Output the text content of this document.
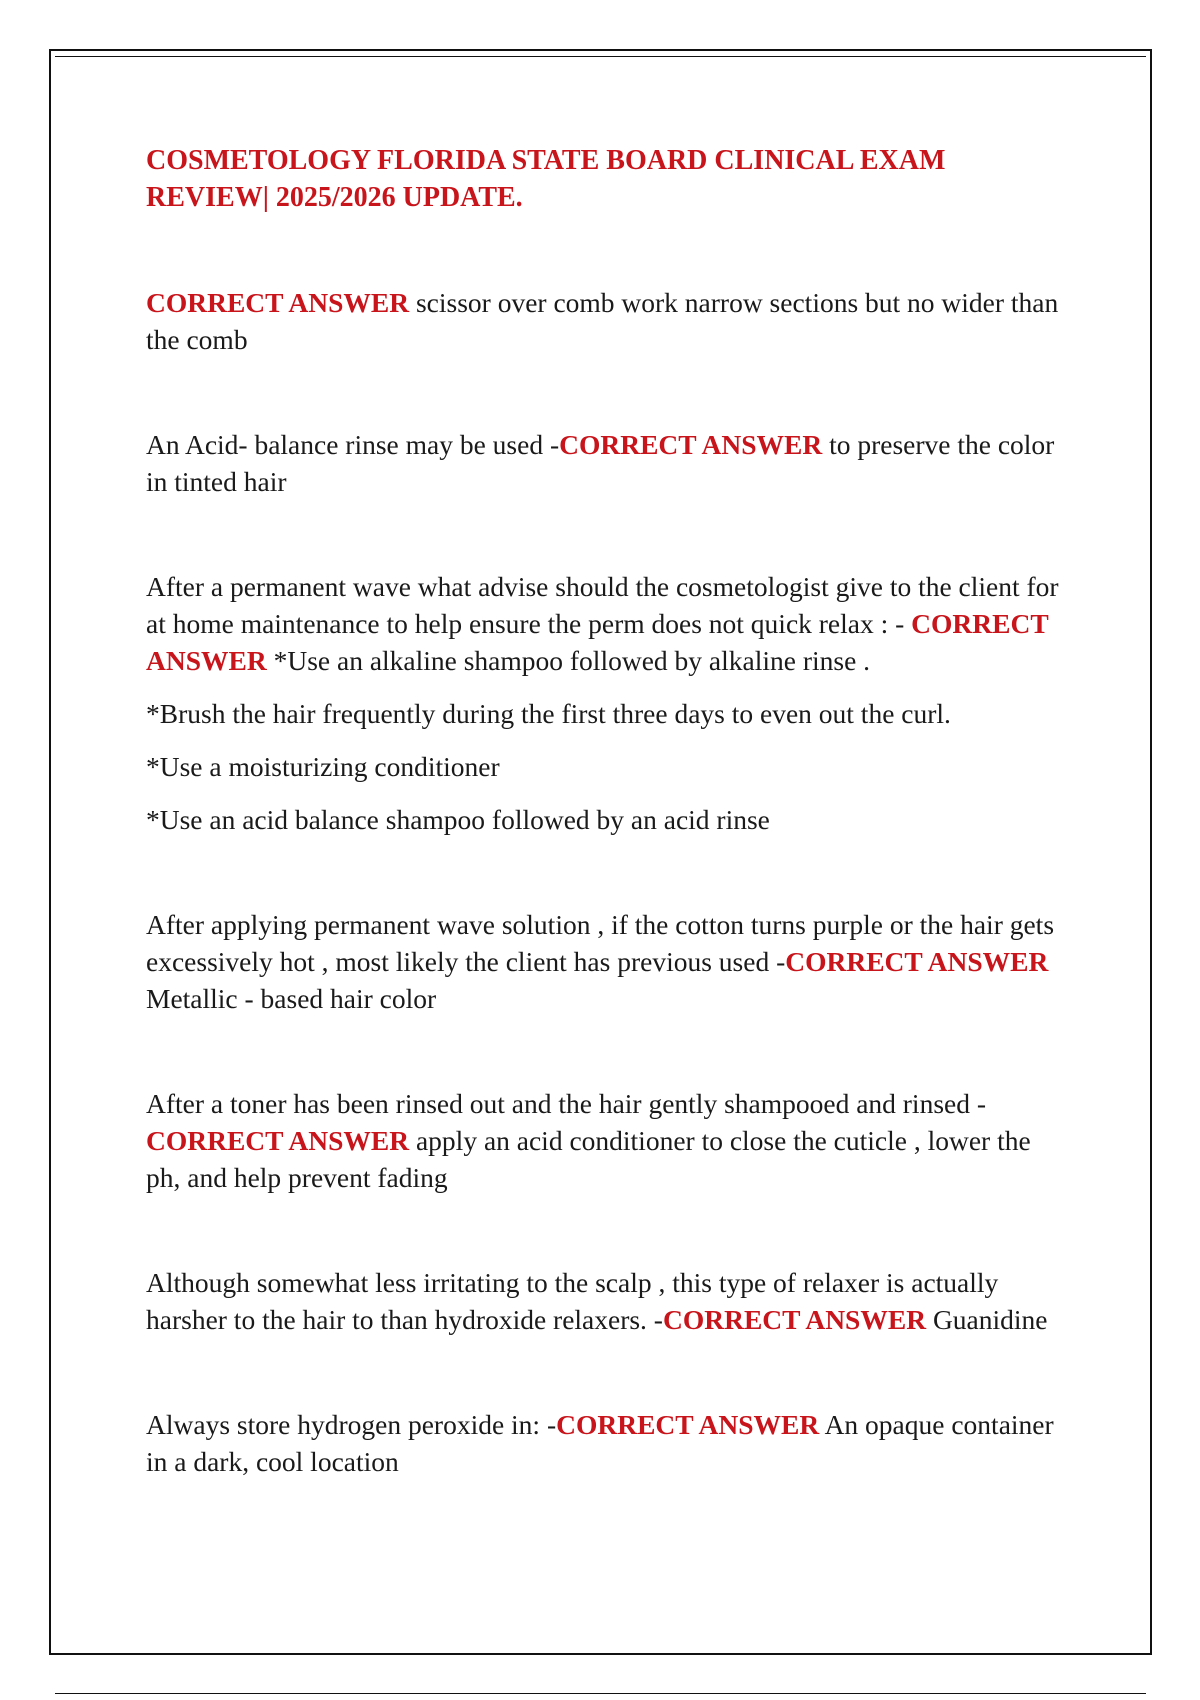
COSMETOLOGY FLORIDA STATE BOARD CLINICAL EXAM REVIEW| 2025/2026 UPDATE.

CORRECT ANSWER scissor over comb work narrow sections but no wider than the comb

An Acid- balance rinse may be used -CORRECT ANSWER to preserve the color in tinted hair

After a permanent wave what advise should the cosmetologist give to the client for at home maintenance to help ensure the perm does not quick relax : - CORRECT ANSWER *Use an alkaline shampoo followed by alkaline rinse .

*Brush the hair frequently during the first three days to even out the curl.

*Use a moisturizing conditioner

*Use an acid balance shampoo followed by an acid rinse

After applying permanent wave solution , if the cotton turns purple or the hair gets excessively hot , most likely the client has previous used -CORRECT ANSWER Metallic - based hair color

After a toner has been rinsed out and the hair gently shampooed and rinsed - CORRECT ANSWER apply an acid conditioner to close the cuticle , lower the ph, and help prevent fading

Although somewhat less irritating to the scalp , this type of relaxer is actually harsher to the hair to than hydroxide relaxers. -CORRECT ANSWER Guanidine

Always store hydrogen peroxide in: -CORRECT ANSWER An opaque container in a dark, cool location
